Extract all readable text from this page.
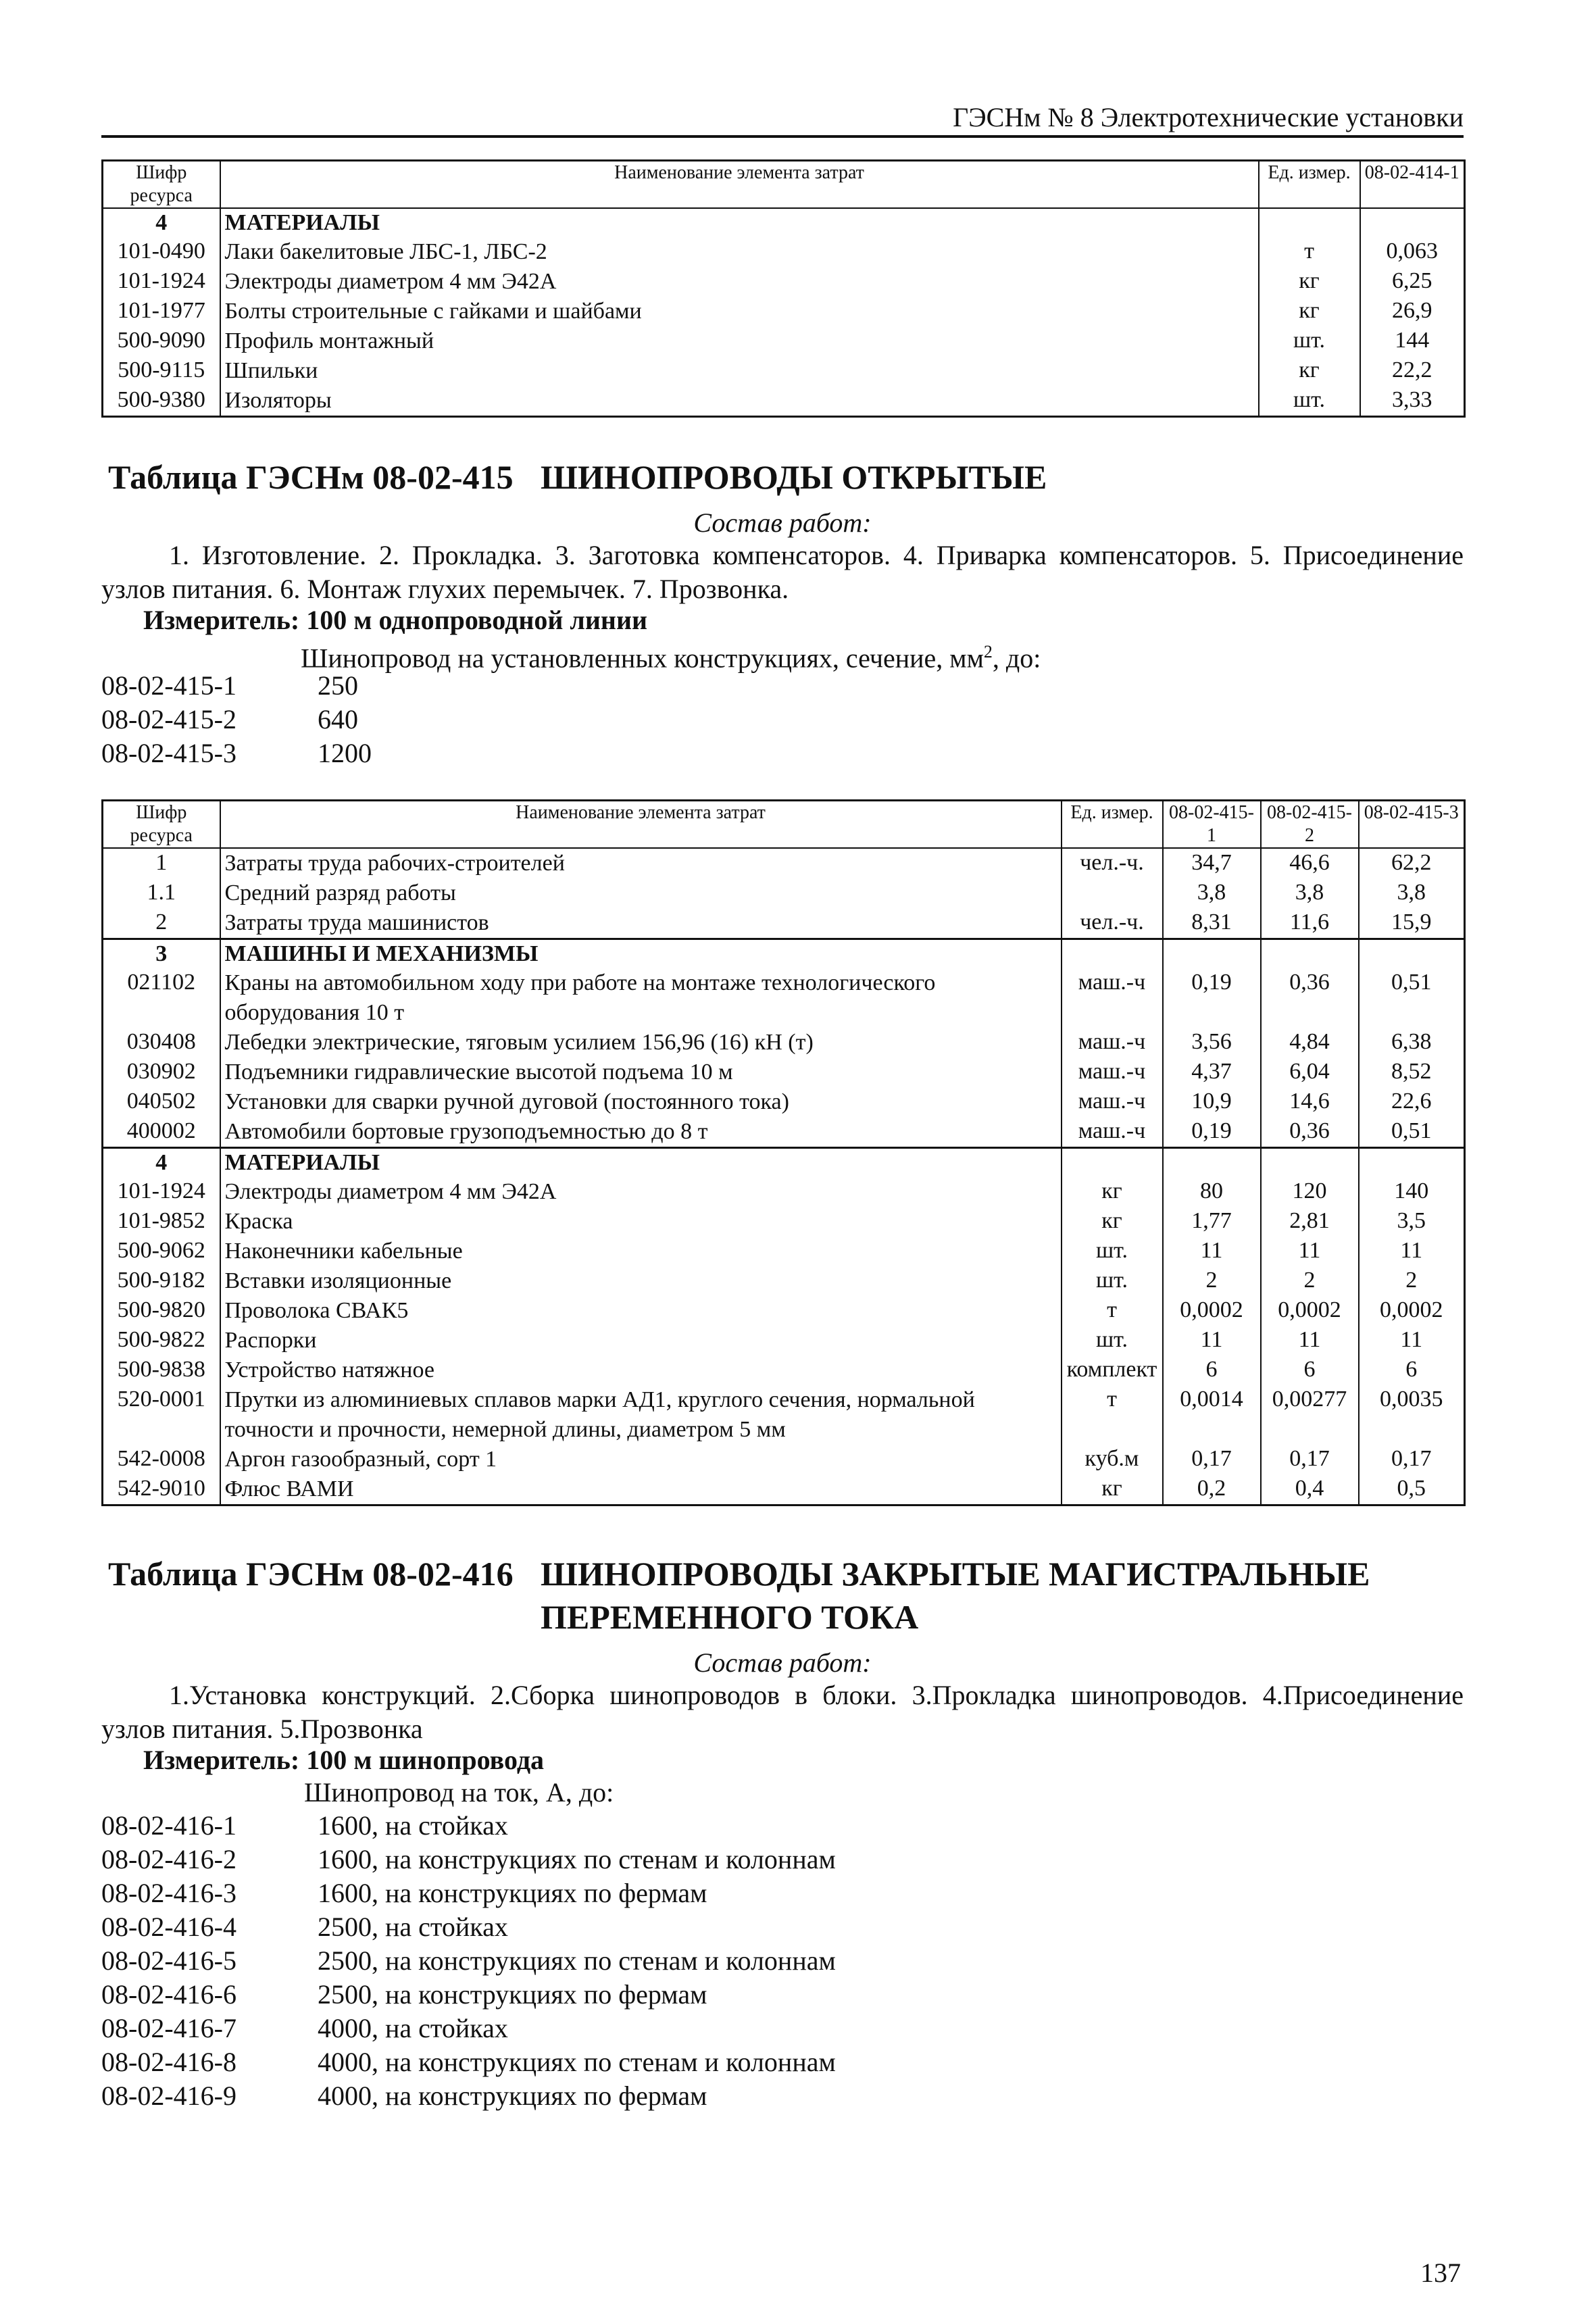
ГЭСНм № 8 Электротехнические установки
Шифр ресурса	Наименование элемента затрат	Ед. измер.	08-02-414-1
4	МАТЕРИАЛЫ		
101-0490	Лаки бакелитовые ЛБС-1, ЛБС-2	т	0,063
101-1924	Электроды диаметром 4 мм Э42А	кг	6,25
101-1977	Болты строительные с гайками и шайбами	кг	26,9
500-9090	Профиль монтажный	шт.	144
500-9115	Шпильки	кг	22,2
500-9380	Изоляторы	шт.	3,33
Таблица ГЭСНм 08-02-415 ШИНОПРОВОДЫ ОТКРЫТЫЕ
Состав работ:
1. Изготовление. 2. Прокладка. 3. Заготовка компенсаторов. 4. Приварка компенсаторов. 5. Присоединение узлов питания. 6. Монтаж глухих перемычек. 7. Прозвонка.
Измеритель: 100 м однопроводной линии
Шинопровод на установленных конструкциях, сечение, $мм^2$, до:
08-02-415-1	250
08-02-415-2	640
08-02-415-3	1200
Шифр ресурса	Наименование элемента затрат	Ед. измер.	08-02-415-1	08-02-415-2	08-02-415-3
1	Затраты труда рабочих-строителей	чел.-ч.	34,7	46,6	62,2
1.1	Средний разряд работы		3,8	3,8	3,8
2	Затраты труда машинистов	чел.-ч.	8,31	11,6	15,9
3	МАШИНЫ И МЕХАНИЗМЫ				
021102	Краны на автомобильном ходу при работе на монтаже технологического оборудования 10 т	маш.-ч	0,19	0,36	0,51
030408	Лебедки электрические, тяговым усилием 156,96 (16) кН (т)	маш.-ч	3,56	4,84	6,38
030902	Подъемники гидравлические высотой подъема 10 м	маш.-ч	4,37	6,04	8,52
040502	Установки для сварки ручной дуговой (постоянного тока)	маш.-ч	10,9	14,6	22,6
400002	Автомобили бортовые грузоподъемностью до 8 т	маш.-ч	0,19	0,36	0,51
4	МАТЕРИАЛЫ				
101-1924	Электроды диаметром 4 мм Э42А	кг	80	120	140
101-9852	Краска	кг	1,77	2,81	3,5
500-9062	Наконечники кабельные	шт.	11	11	11
500-9182	Вставки изоляционные	шт.	2	2	2
500-9820	Проволока СВАК5	т	0,0002	0,0002	0,0002
500-9822	Распорки	шт.	11	11	11
500-9838	Устройство натяжное	комплект	6	6	6
520-0001	Прутки из алюминиевых сплавов марки АД1, круглого сечения, нормальной точности и прочности, немерной длины, диаметром 5 мм	т	0,0014	0,00277	0,0035
542-0008	Аргон газообразный, сорт 1	куб.м	0,17	0,17	0,17
542-9010	Флюс ВАМИ	кг	0,2	0,4	0,5
Таблица ГЭСНм 08-02-416 ШИНОПРОВОДЫ ЗАКРЫТЫЕ МАГИСТРАЛЬНЫЕ
ПЕРЕМЕННОГО ТОКА
Состав работ:
1.Установка конструкций. 2.Сборка шинопроводов в блоки. 3.Прокладка шинопроводов. 4.Присоединение узлов питания. 5.Прозвонка
Измеритель: 100 м шинопровода
Шинопровод на ток, А, до:
08-02-416-1	1600, на стойках
08-02-416-2	1600, на конструкциях по стенам и колоннам
08-02-416-3	1600, на конструкциях по фермам
08-02-416-4	2500, на стойках
08-02-416-5	2500, на конструкциях по стенам и колоннам
08-02-416-6	2500, на конструкциях по фермам
08-02-416-7	4000, на стойках
08-02-416-8	4000, на конструкциях по стенам и колоннам
08-02-416-9	4000, на конструкциях по фермам
137
